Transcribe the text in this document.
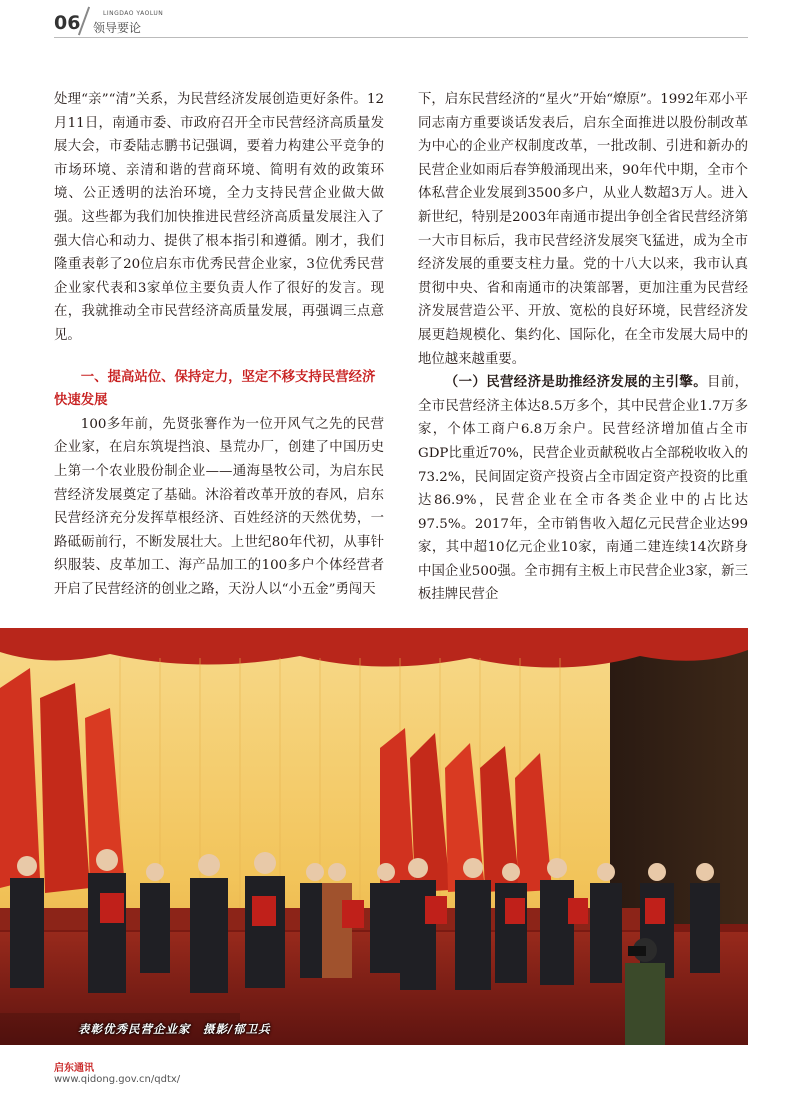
06	LINGDAO YAOLUN
领导要论

处理“亲”“清”关系，为民营经济发展创造更好条件。12月11日，南通市委、市政府召开全市民营经济高质量发展大会，市委陆志鹏书记强调，要着力构建公平竞争的市场环境、亲清和谐的营商环境、简明有效的政策环境、公正透明的法治环境，全力支持民营企业做大做强。这些都为我们加快推进民营经济高质量发展注入了强大信心和动力、提供了根本指引和遵循。刚才，我们隆重表彰了20位启东市优秀民营企业家，3位优秀民营企业家代表和3家单位主要负责人作了很好的发言。现在，我就推动全市民营经济高质量发展，再强调三点意见。

一、提高站位、保持定力，坚定不移支持民营经济快速发展

100多年前，先贤张謇作为一位开风气之先的民营企业家，在启东筑堤挡浪、垦荒办厂，创建了中国历史上第一个农业股份制企业——通海垦牧公司，为启东民营经济发展奠定了基础。沐浴着改革开放的春风，启东民营经济充分发挥草根经济、百姓经济的天然优势，一路砥砺前行，不断发展壮大。上世纪80年代初，从事针织服装、皮革加工、海产品加工的100多户个体经营者开启了民营经济的创业之路，天汾人以“小五金”勇闯天

下，启东民营经济的“星火”开始“燎原”。1992年邓小平同志南方重要谈话发表后，启东全面推进以股份制改革为中心的企业产权制度改革，一批改制、引进和新办的民营企业如雨后春笋般涌现出来，90年代中期，全市个体私营企业发展到3500多户，从业人数超3万人。进入新世纪，特别是2003年南通市提出争创全省民营经济第一大市目标后，我市民营经济发展突飞猛进，成为全市经济发展的重要支柱力量。党的十八大以来，我市认真贯彻中央、省和南通市的决策部署，更加注重为民营经济发展营造公平、开放、宽松的良好环境，民营经济发展更趋规模化、集约化、国际化，在全市发展大局中的地位越来越重要。

（一）民营经济是助推经济发展的主引擎。目前，全市民营经济主体达8.5万多个，其中民营企业1.7万多家，个体工商户6.8万余户。民营经济增加值占全市GDP比重近70%，民营企业贡献税收占全部税收收入的73.2%，民间固定资产投资占全市固定资产投资的比重达86.9%，民营企业在全市各类企业中的占比达97.5%。2017年，全市销售收入超亿元民营企业达99家，其中超10亿元企业10家，南通二建连续14次跻身中国企业500强。全市拥有主板上市民营企业3家，新三板挂牌民营企

表彰优秀民营企业家　摄影/郁卫兵
启东通讯
www.qidong.gov.cn/qdtx/
